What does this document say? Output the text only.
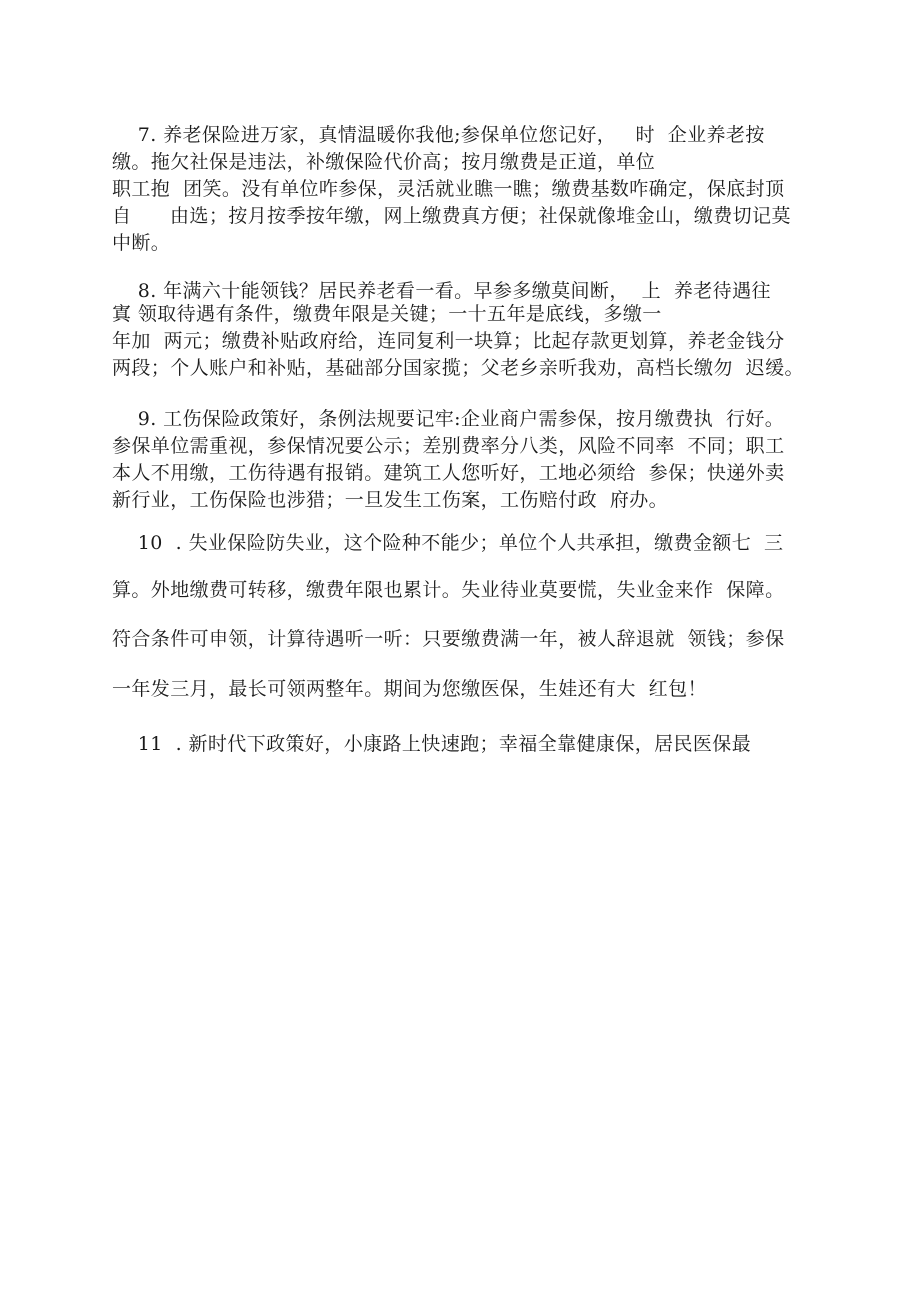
7. 养老保险进万家，真情温暖你我他;参保单位您记好，   时  企业养老按
缴。拖欠社保是违法，补缴保险代价高；按月缴费是正道，单位
职工抱  团笑。没有单位咋参保，灵活就业瞧一瞧；缴费基数咋确定，保底封顶
自      由选；按月按季按年缴，网上缴费真方便；社保就像堆金山，缴费切记莫
中断。
8. 年满六十能领钱？居民养老看一看。早参多缴莫间断，  上  养老待遇往
寘 领取待遇有条件，缴费年限是关键；一十五年是底线，多缴一
年加  两元；缴费补贴政府给，连同复利一块算；比起存款更划算，养老金钱分
两段；个人账户和补贴，基础部分国家揽；父老乡亲听我劝，高档长缴勿  迟缓。
9. 工伤保险政策好，条例法规要记牢:企业商户需参保，按月缴费执  行好。
参保单位需重视，参保情况要公示；差别费率分八类，风险不同率  不同；职工
本人不用缴，工伤待遇有报销。建筑工人您听好，工地必须给  参保；快递外卖
新行业，工伤保险也涉猎；一旦发生工伤案，工伤赔付政  府办。
10  . 失业保险防失业，这个险种不能少；单位个人共承担，缴费金额七  三
算。外地缴费可转移，缴费年限也累计。失业待业莫要慌，失业金来作  保障。
符合条件可申领，计算待遇听一听：只要缴费满一年，被人辞退就  领钱；参保
一年发三月，最长可领两整年。期间为您缴医保，生娃还有大  红包！
11  . 新时代下政策好，小康路上快速跑；幸福全靠健康保，居民医保最
